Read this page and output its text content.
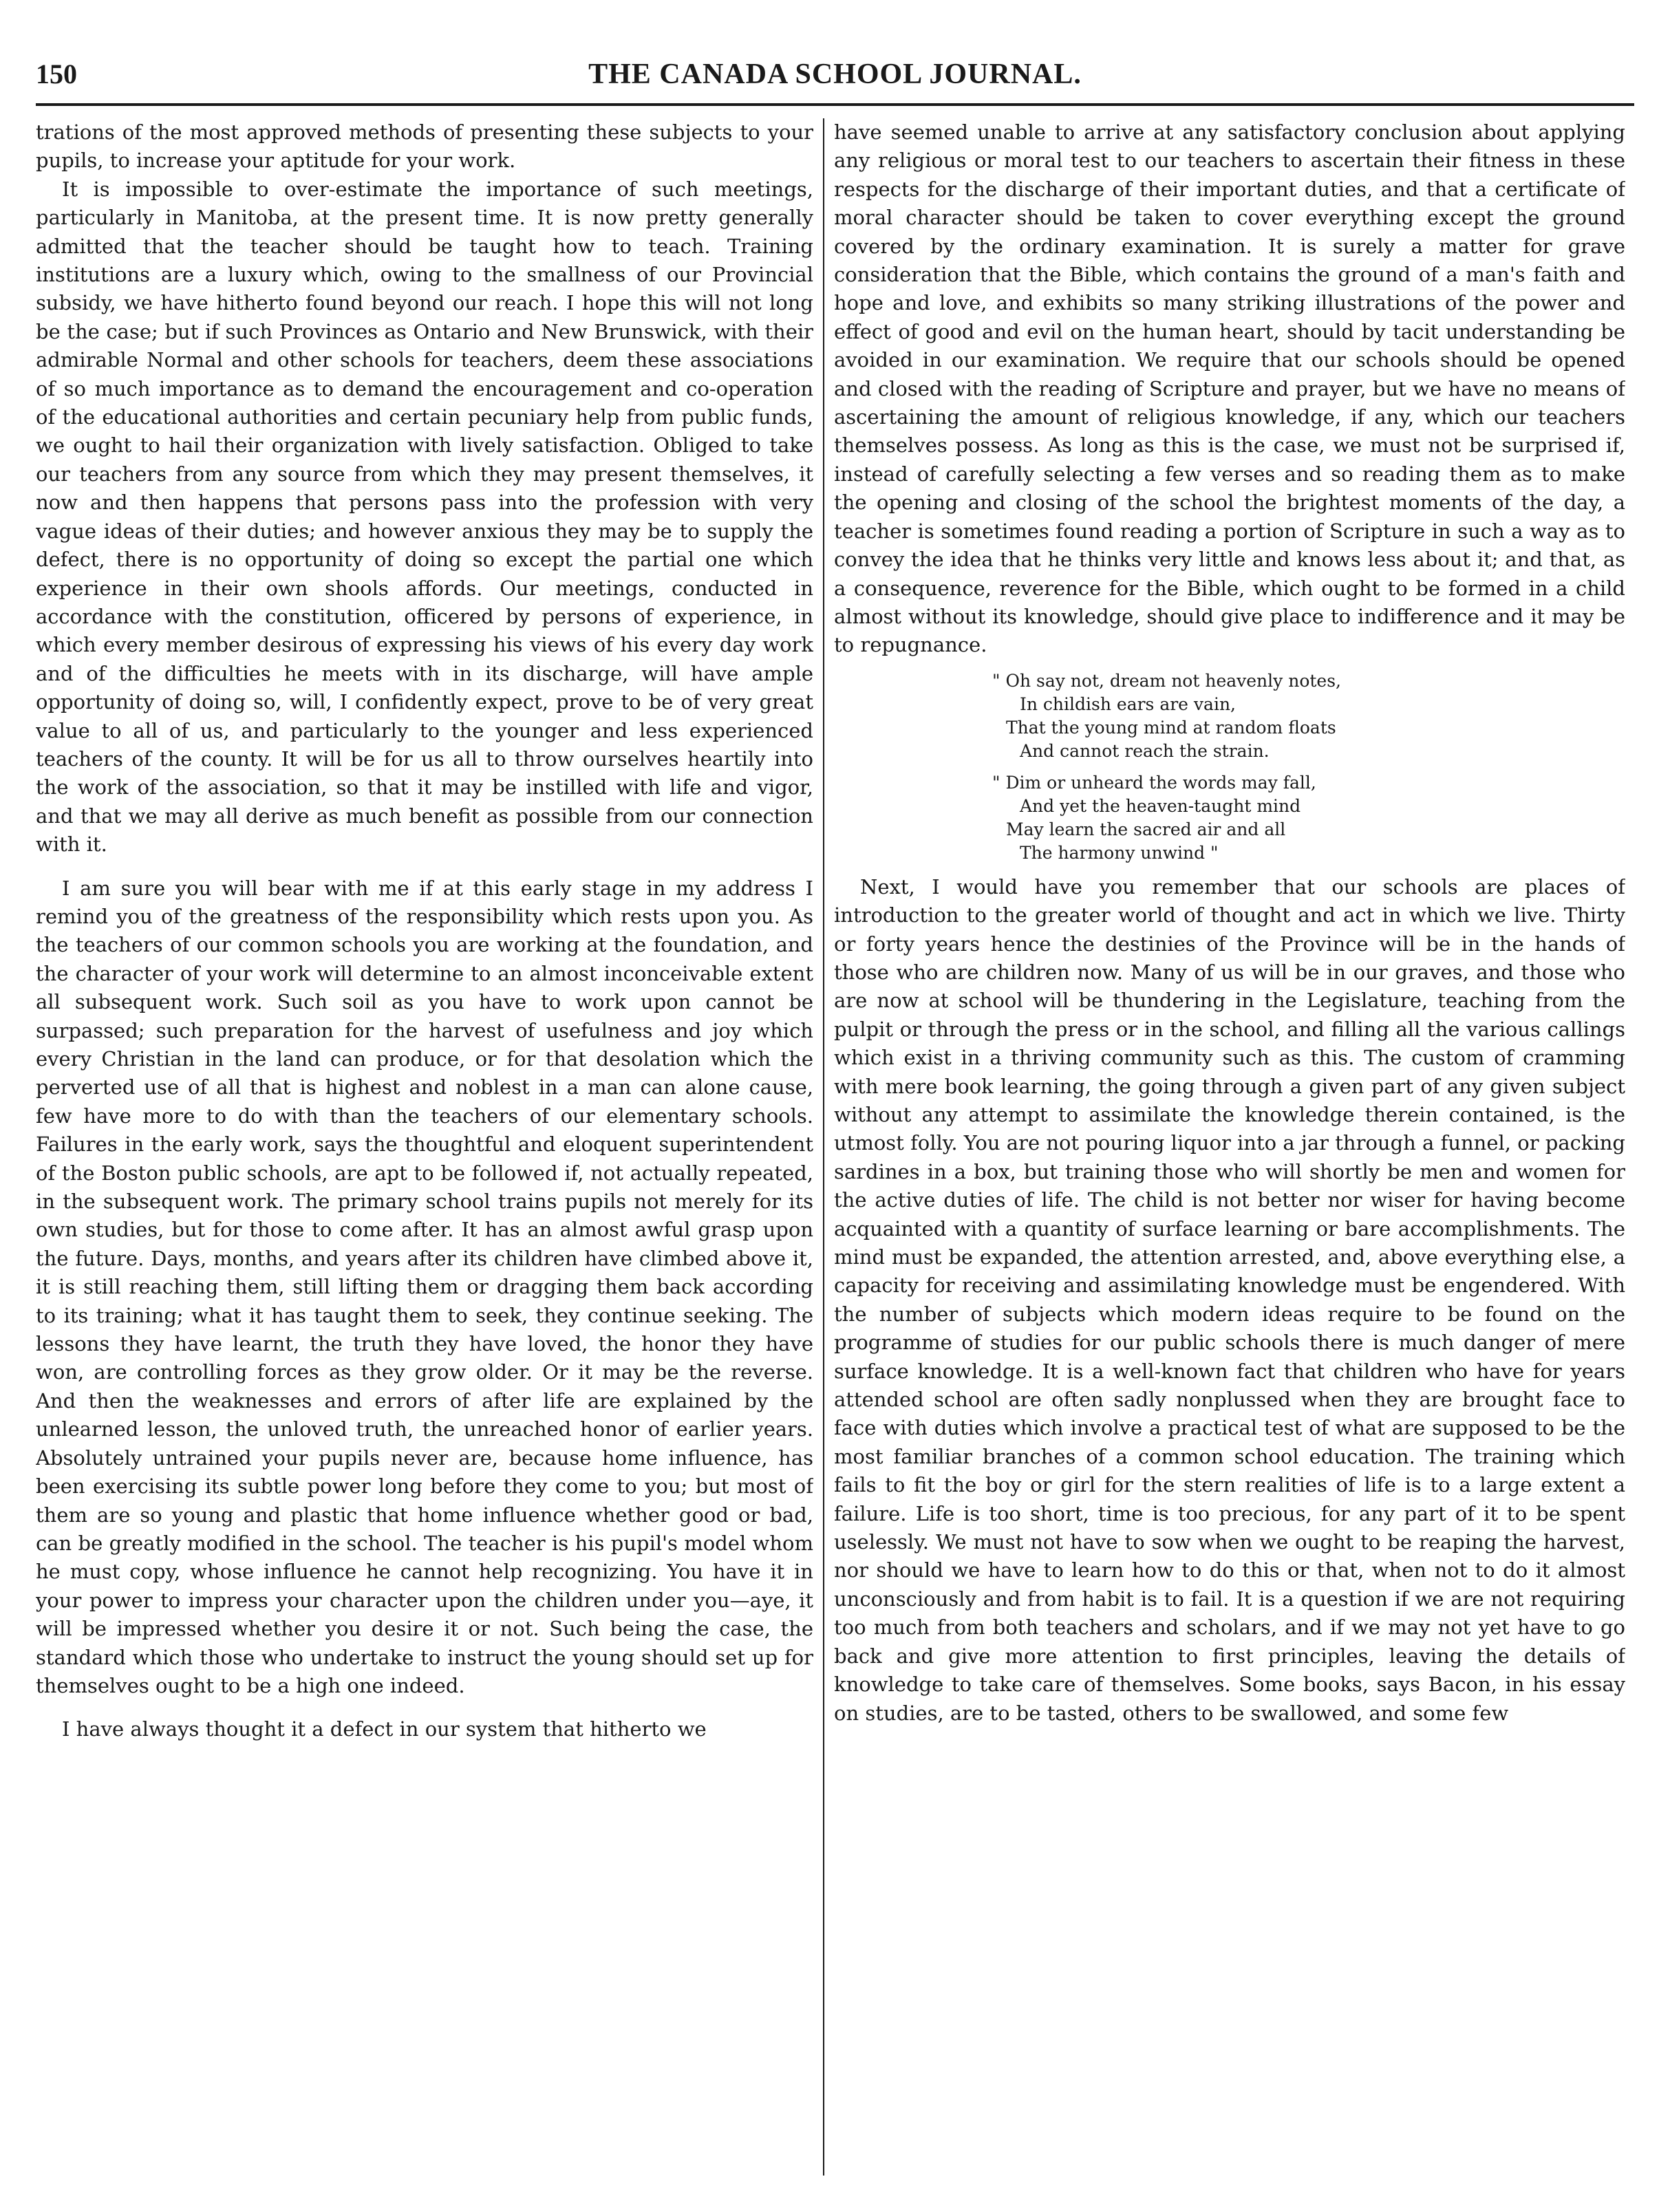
150	THE CANADA SCHOOL JOURNAL.

trations of the most approved methods of presenting these subjects to your pupils, to increase your aptitude for your work.

It is impossible to over-estimate the importance of such meetings, particularly in Manitoba, at the present time. It is now pretty generally admitted that the teacher should be taught how to teach. Training institutions are a luxury which, owing to the smallness of our Provincial subsidy, we have hitherto found beyond our reach. I hope this will not long be the case; but if such Provinces as Ontario and New Brunswick, with their admirable Normal and other schools for teachers, deem these associations of so much importance as to demand the encouragement and co-operation of the educational authorities and certain pecuniary help from public funds, we ought to hail their organization with lively satisfaction. Obliged to take our teachers from any source from which they may present themselves, it now and then happens that persons pass into the profession with very vague ideas of their duties; and however anxious they may be to supply the defect, there is no opportunity of doing so except the partial one which experience in their own shools affords. Our meetings, conducted in accordance with the constitution, officered by persons of experience, in which every member desirous of expressing his views of his every day work and of the difficulties he meets with in its discharge, will have ample opportunity of doing so, will, I confidently expect, prove to be of very great value to all of us, and particularly to the younger and less experienced teachers of the county. It will be for us all to throw ourselves heartily into the work of the association, so that it may be instilled with life and vigor, and that we may all derive as much benefit as possible from our connection with it.

I am sure you will bear with me if at this early stage in my address I remind you of the greatness of the responsibility which rests upon you. As the teachers of our common schools you are working at the foundation, and the character of your work will determine to an almost inconceivable extent all subsequent work. Such soil as you have to work upon cannot be surpassed; such preparation for the harvest of usefulness and joy which every Christian in the land can produce, or for that desolation which the perverted use of all that is highest and noblest in a man can alone cause, few have more to do with than the teachers of our elementary schools. Failures in the early work, says the thoughtful and eloquent superintendent of the Boston public schools, are apt to be followed if, not actually repeated, in the subsequent work. The primary school trains pupils not merely for its own studies, but for those to come after. It has an almost awful grasp upon the future. Days, months, and years after its children have climbed above it, it is still reaching them, still lifting them or dragging them back according to its training; what it has taught them to seek, they continue seeking. The lessons they have learnt, the truth they have loved, the honor they have won, are controlling forces as they grow older. Or it may be the reverse. And then the weaknesses and errors of after life are explained by the unlearned lesson, the unloved truth, the unreached honor of earlier years. Absolutely untrained your pupils never are, because home influence, has been exercising its subtle power long before they come to you; but most of them are so young and plastic that home influence whether good or bad, can be greatly modified in the school. The teacher is his pupil's model whom he must copy, whose influence he cannot help recognizing. You have it in your power to impress your character upon the children under you—aye, it will be impressed whether you desire it or not. Such being the case, the standard which those who undertake to instruct the young should set up for themselves ought to be a high one indeed.

I have always thought it a defect in our system that hitherto we

have seemed unable to arrive at any satisfactory conclusion about applying any religious or moral test to our teachers to ascertain their fitness in these respects for the discharge of their important duties, and that a certificate of moral character should be taken to cover everything except the ground covered by the ordinary examination. It is surely a matter for grave consideration that the Bible, which contains the ground of a man's faith and hope and love, and exhibits so many striking illustrations of the power and effect of good and evil on the human heart, should by tacit understanding be avoided in our examination. We require that our schools should be opened and closed with the reading of Scripture and prayer, but we have no means of ascertaining the amount of religious knowledge, if any, which our teachers themselves possess. As long as this is the case, we must not be surprised if, instead of carefully selecting a few verses and so reading them as to make the opening and closing of the school the brightest moments of the day, a teacher is sometimes found reading a portion of Scripture in such a way as to convey the idea that he thinks very little and knows less about it; and that, as a consequence, reverence for the Bible, which ought to be formed in a child almost without its knowledge, should give place to indifference and it may be to repugnance.

" Oh say not, dream not heavenly notes,
In childish ears are vain,
That the young mind at random floats
And cannot reach the strain.
" Dim or unheard the words may fall,
And yet the heaven-taught mind
May learn the sacred air and all
The harmony unwind "

Next, I would have you remember that our schools are places of introduction to the greater world of thought and act in which we live. Thirty or forty years hence the destinies of the Province will be in the hands of those who are children now. Many of us will be in our graves, and those who are now at school will be thundering in the Legislature, teaching from the pulpit or through the press or in the school, and filling all the various callings which exist in a thriving community such as this. The custom of cramming with mere book learning, the going through a given part of any given subject without any attempt to assimilate the knowledge therein contained, is the utmost folly. You are not pouring liquor into a jar through a funnel, or packing sardines in a box, but training those who will shortly be men and women for the active duties of life. The child is not better nor wiser for having become acquainted with a quantity of surface learning or bare accomplishments. The mind must be expanded, the attention arrested, and, above everything else, a capacity for receiving and assimilating knowledge must be engendered. With the number of subjects which modern ideas require to be found on the programme of studies for our public schools there is much danger of mere surface knowledge. It is a well-known fact that children who have for years attended school are often sadly nonplussed when they are brought face to face with duties which involve a practical test of what are supposed to be the most familiar branches of a common school education. The training which fails to fit the boy or girl for the stern realities of life is to a large extent a failure. Life is too short, time is too precious, for any part of it to be spent uselessly. We must not have to sow when we ought to be reaping the harvest, nor should we have to learn how to do this or that, when not to do it almost unconsciously and from habit is to fail. It is a question if we are not requiring too much from both teachers and scholars, and if we may not yet have to go back and give more attention to first principles, leaving the details of knowledge to take care of themselves. Some books, says Bacon, in his essay on studies, are to be tasted, others to be swallowed, and some few
